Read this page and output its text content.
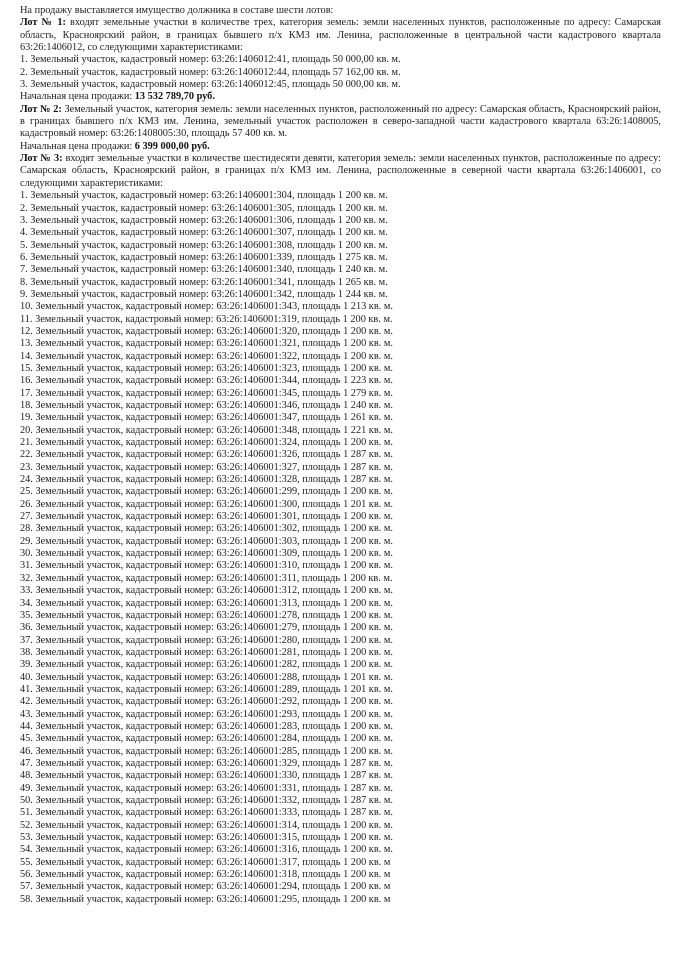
На продажу выставляется имущество должника в составе шести лотов:

Лот № 1: входят земельные участки в количестве трех, категория земель: земли населенных пунктов, расположенные по адресу: Самарская область, Красноярский район, в границах бывшего п/х КМЗ им. Ленина, расположенные в центральной части кадастрового квартала 63:26:1406012, со следующими характеристиками:

1. Земельный участок, кадастровый номер: 63:26:1406012:41, площадь 50 000,00 кв. м.
2. Земельный участок, кадастровый номер: 63:26:1406012:44, площадь 57 162,00 кв. м.
3. Земельный участок, кадастровый номер: 63:26:1406012:45, площадь 50 000,00 кв. м.

Начальная цена продажи: 13 532 789,70 руб.

Лот № 2: Земельный участок, категория земель: земли населенных пунктов, расположенный по адресу: Самарская область, Красноярский район, в границах бывшего п/х КМЗ им. Ленина, земельный участок расположен в северо-западной части кадастрового квартала 63:26:1408005, кадастровый номер: 63:26:1408005:30, площадь 57 400 кв. м.

Начальная цена продажи: 6 399 000,00 руб.

Лот № 3: входят земельные участки в количестве шестидесяти девяти, категория земель: земли населенных пунктов, расположенные по адресу: Самарская область, Красноярский район, в границах п/х КМЗ им. Ленина, расположенные в северной части квартала 63:26:1406001, со следующими характеристиками:

1. Земельный участок, кадастровый номер: 63:26:1406001:304, площадь 1 200 кв. м.
2. Земельный участок, кадастровый номер: 63:26:1406001:305, площадь 1 200 кв. м.
3. Земельный участок, кадастровый номер: 63:26:1406001:306, площадь 1 200 кв. м.
4. Земельный участок, кадастровый номер: 63:26:1406001:307, площадь 1 200 кв. м.
5. Земельный участок, кадастровый номер: 63:26:1406001:308, площадь 1 200 кв. м.
6. Земельный участок, кадастровый номер: 63:26:1406001:339, площадь 1 275 кв. м.
7. Земельный участок, кадастровый номер: 63:26:1406001:340, площадь 1 240 кв. м.
8. Земельный участок, кадастровый номер: 63:26:1406001:341, площадь 1 265 кв. м.
9. Земельный участок, кадастровый номер: 63:26:1406001:342, площадь 1 244 кв. м.
10. Земельный участок, кадастровый номер: 63:26:1406001:343, площадь 1 213 кв. м.
11. Земельный участок, кадастровый номер: 63:26:1406001:319, площадь 1 200 кв. м.
12. Земельный участок, кадастровый номер: 63:26:1406001:320, площадь 1 200 кв. м.
13. Земельный участок, кадастровый номер: 63:26:1406001:321, площадь 1 200 кв. м.
14. Земельный участок, кадастровый номер: 63:26:1406001:322, площадь 1 200 кв. м.
15. Земельный участок, кадастровый номер: 63:26:1406001:323, площадь 1 200 кв. м.
16. Земельный участок, кадастровый номер: 63:26:1406001:344, площадь 1 223 кв. м.
17. Земельный участок, кадастровый номер: 63:26:1406001:345, площадь 1 279 кв. м.
18. Земельный участок, кадастровый номер: 63:26:1406001:346, площадь 1 240 кв. м.
19. Земельный участок, кадастровый номер: 63:26:1406001:347, площадь 1 261 кв. м.
20. Земельный участок, кадастровый номер: 63:26:1406001:348, площадь 1 221 кв. м.
21. Земельный участок, кадастровый номер: 63:26:1406001:324, площадь 1 200 кв. м.
22. Земельный участок, кадастровый номер: 63:26:1406001:326, площадь 1 287 кв. м.
23. Земельный участок, кадастровый номер: 63:26:1406001:327, площадь 1 287 кв. м.
24. Земельный участок, кадастровый номер: 63:26:1406001:328, площадь 1 287 кв. м.
25. Земельный участок, кадастровый номер: 63:26:1406001:299, площадь 1 200 кв. м.
26. Земельный участок, кадастровый номер: 63:26:1406001:300, площадь 1 201 кв. м.
27. Земельный участок, кадастровый номер: 63:26:1406001:301, площадь 1 200 кв. м.
28. Земельный участок, кадастровый номер: 63:26:1406001:302, площадь 1 200 кв. м.
29. Земельный участок, кадастровый номер: 63:26:1406001:303, площадь 1 200 кв. м.
30. Земельный участок, кадастровый номер: 63:26:1406001:309, площадь 1 200 кв. м.
31. Земельный участок, кадастровый номер: 63:26:1406001:310, площадь 1 200 кв. м.
32. Земельный участок, кадастровый номер: 63:26:1406001:311, площадь 1 200 кв. м.
33. Земельный участок, кадастровый номер: 63:26:1406001:312, площадь 1 200 кв. м.
34. Земельный участок, кадастровый номер: 63:26:1406001:313, площадь 1 200 кв. м.
35. Земельный участок, кадастровый номер: 63:26:1406001:278, площадь 1 200 кв. м.
36. Земельный участок, кадастровый номер: 63:26:1406001:279, площадь 1 200 кв. м.
37. Земельный участок, кадастровый номер: 63:26:1406001:280, площадь 1 200 кв. м.
38. Земельный участок, кадастровый номер: 63:26:1406001:281, площадь 1 200 кв. м.
39. Земельный участок, кадастровый номер: 63:26:1406001:282, площадь 1 200 кв. м.
40. Земельный участок, кадастровый номер: 63:26:1406001:288, площадь 1 201 кв. м.
41. Земельный участок, кадастровый номер: 63:26:1406001:289, площадь 1 201 кв. м.
42. Земельный участок, кадастровый номер: 63:26:1406001:292, площадь 1 200 кв. м.
43. Земельный участок, кадастровый номер: 63:26:1406001:293, площадь 1 200 кв. м.
44. Земельный участок, кадастровый номер: 63:26:1406001:283, площадь 1 200 кв. м.
45. Земельный участок, кадастровый номер: 63:26:1406001:284, площадь 1 200 кв. м.
46. Земельный участок, кадастровый номер: 63:26:1406001:285, площадь 1 200 кв. м.
47. Земельный участок, кадастровый номер: 63:26:1406001:329, площадь 1 287 кв. м.
48. Земельный участок, кадастровый номер: 63:26:1406001:330, площадь 1 287 кв. м.
49. Земельный участок, кадастровый номер: 63:26:1406001:331, площадь 1 287 кв. м.
50. Земельный участок, кадастровый номер: 63:26:1406001:332, площадь 1 287 кв. м.
51. Земельный участок, кадастровый номер: 63:26:1406001:333, площадь 1 287 кв. м.
52. Земельный участок, кадастровый номер: 63:26:1406001:314, площадь 1 200 кв. м.
53. Земельный участок, кадастровый номер: 63:26:1406001:315, площадь 1 200 кв. м.
54. Земельный участок, кадастровый номер: 63:26:1406001:316, площадь 1 200 кв. м.
55. Земельный участок, кадастровый номер: 63:26:1406001:317, площадь 1 200 кв. м
56. Земельный участок, кадастровый номер: 63:26:1406001:318, площадь 1 200 кв. м
57. Земельный участок, кадастровый номер: 63:26:1406001:294, площадь 1 200 кв. м
58. Земельный участок, кадастровый номер: 63:26:1406001:295, площадь 1 200 кв. м
